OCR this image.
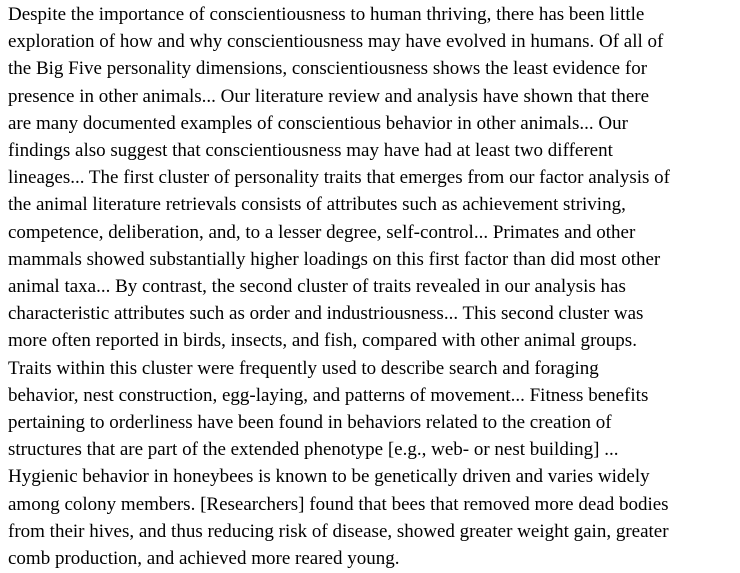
Despite the importance of conscientiousness to human thriving, there has been little
exploration of how and why conscientiousness may have evolved in humans. Of all of
the Big Five personality dimensions, conscientiousness shows the least evidence for
presence in other animals... Our literature review and analysis have shown that there
are many documented examples of conscientious behavior in other animals... Our
findings also suggest that conscientiousness may have had at least two different
lineages... The first cluster of personality traits that emerges from our factor analysis of
the animal literature retrievals consists of attributes such as achievement striving,
competence, deliberation, and, to a lesser degree, self-control... Primates and other
mammals showed substantially higher loadings on this first factor than did most other
animal taxa... By contrast, the second cluster of traits revealed in our analysis has
characteristic attributes such as order and industriousness... This second cluster was
more often reported in birds, insects, and fish, compared with other animal groups.
Traits within this cluster were frequently used to describe search and foraging
behavior, nest construction, egg-laying, and patterns of movement... Fitness benefits
pertaining to orderliness have been found in behaviors related to the creation of
structures that are part of the extended phenotype [e.g., web- or nest building] ...
Hygienic behavior in honeybees is known to be genetically driven and varies widely
among colony members. [Researchers] found that bees that removed more dead bodies
from their hives, and thus reducing risk of disease, showed greater weight gain, greater
comb production, and achieved more reared young.
